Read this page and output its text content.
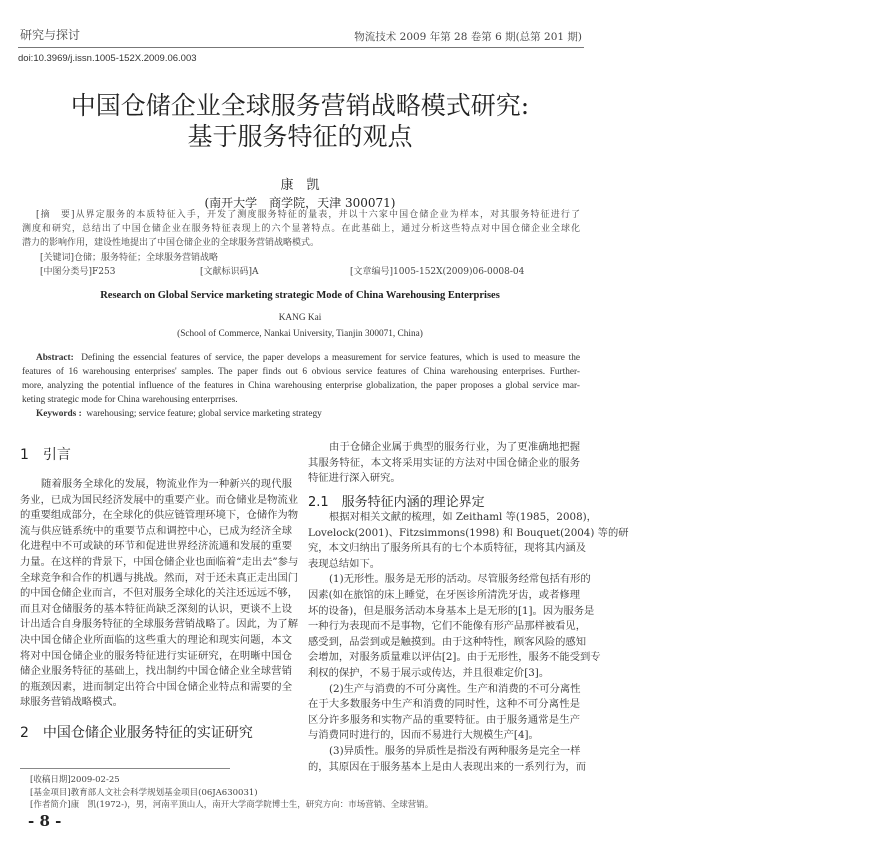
研究与探讨	物流技术 2009 年第 28 卷第 6 期(总第 201 期)
doi:10.3969/j.issn.1005-152X.2009.06.003
中国仓储企业全球服务营销战略模式研究:
基于服务特征的观点
康　凯
(南开大学　商学院，天津 300071)
[摘　要]从界定服务的本质特征入手，开发了测度服务特征的量表，并以十六家中国仓储企业为样本，对其服务特征进行了
测度和研究，总结出了中国仓储企业在服务特征表现上的六个显著特点。在此基础上，通过分析这些特点对中国仓储企业全球化
潜力的影响作用，建设性地提出了中国仓储企业的全球服务营销战略模式。
[关键词]仓储；服务特征；全球服务营销战略
[中图分类号]F253	[文献标识码]A	[文章编号]1005-152X(2009)06-0008-04
Research on Global Service marketing strategic Mode of China Warehousing Enterprises
KANG Kai
(School of Commerce, Nankai University, Tianjin 300071, China)
Abstract: Defining the essencial features of service, the paper develops a measurement for service features, which is used to measure the
features of 16 warehousing enterprises' samples. The paper finds out 6 obvious service features of China warehousing enterprises. Further-
more, analyzing the potential influence of the features in China warehousing enterprise globalization, the paper proposes a global service mar-
keting strategic mode for China warehousing enterprrises.
Keywords : warehousing; service feature; global service marketing strategy
1　引言
随着服务全球化的发展，物流业作为一种新兴的现代服
务业，已成为国民经济发展中的重要产业。而仓储业是物流业
的重要组成部分，在全球化的供应链管理环境下，仓储作为物
流与供应链系统中的重要节点和调控中心，已成为经济全球
化进程中不可或缺的环节和促进世界经济流通和发展的重要
力量。在这样的背景下，中国仓储企业也面临着“走出去”参与
全球竞争和合作的机遇与挑战。然而，对于还未真正走出国门
的中国仓储企业而言，不但对服务全球化的关注还远远不够，
而且对仓储服务的基本特征尚缺乏深刻的认识，更谈不上设
计出适合自身服务特征的全球服务营销战略了。因此，为了解
决中国仓储企业所面临的这些重大的理论和现实问题，本文
将对中国仓储企业的服务特征进行实证研究，在明晰中国仓
储企业服务特征的基础上，找出制约中国仓储企业全球营销
的瓶颈因素，进而制定出符合中国仓储企业特点和需要的全
球服务营销战略模式。
2　中国仓储企业服务特征的实证研究
由于仓储企业属于典型的服务行业，为了更准确地把握
其服务特征，本文将采用实证的方法对中国仓储企业的服务
特征进行深入研究。
2.1　服务特征内涵的理论界定
根据对相关文献的梳理，如 Zeithaml 等(1985，2008)，
Lovelock(2001)、Fitzsimmons(1998) 和 Bouquet(2004) 等的研
究，本文归纳出了服务所具有的七个本质特征，现将其内涵及
表现总结如下。
(1)无形性。服务是无形的活动。尽管服务经常包括有形的
因素(如在旅馆的床上睡觉，在牙医诊所清洗牙齿，或者修理
坏的设备)，但是服务活动本身基本上是无形的[1]。因为服务是
一种行为表现而不是事物，它们不能像有形产品那样被看见，
感受到，品尝到或是触摸到。由于这种特性，顾客风险的感知
会增加，对服务质量难以评估[2]。由于无形性，服务不能受到专
利权的保护，不易于展示或传达，并且很难定价[3]。
(2)生产与消费的不可分离性。生产和消费的不可分离性
在于大多数服务中生产和消费的同时性，这种不可分离性是
区分许多服务和实物产品的重要特征。由于服务通常是生产
与消费同时进行的，因而不易进行大规模生产[4]。
(3)异质性。服务的异质性是指没有两种服务是完全一样
的，其原因在于服务基本上是由人表现出来的一系列行为，而
[收稿日期]2009-02-25
[基金项目]教育部人文社会科学规划基金项目(06JA630031)
[作者简介]康　凯(1972-)，男，河南平顶山人，南开大学商学院博士生，研究方向：市场营销、全球营销。
- 8 -
